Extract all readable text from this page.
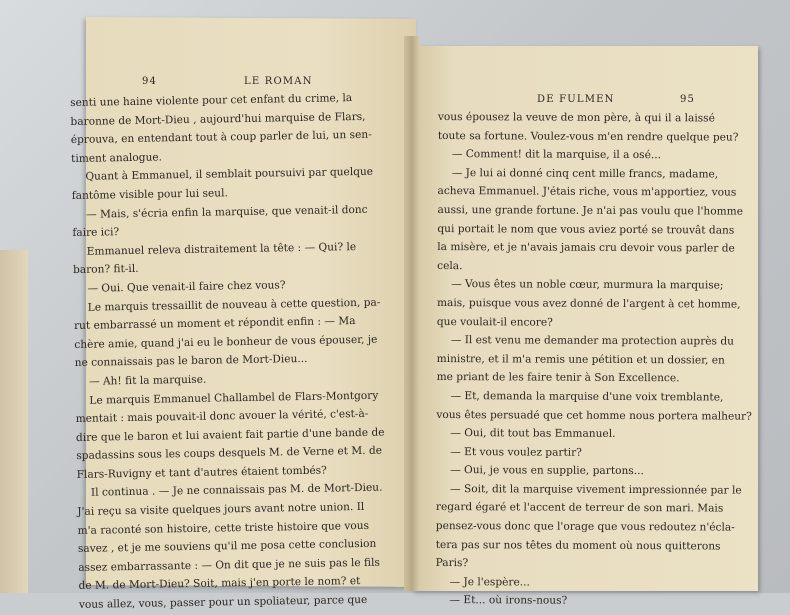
94	LE ROMAN
DE FULMEN	95
senti une haine violente pour cet enfant du crime, la
baronne de Mort-Dieu , aujourd'hui marquise de Flars,
éprouva, en entendant tout à coup parler de lui, un sen-
timent analogue.
Quant à Emmanuel, il semblait poursuivi par quelque
fantôme visible pour lui seul.
— Mais, s'écria enfin la marquise, que venait-il donc
faire ici?
Emmanuel releva distraitement la tête : — Qui? le
baron? fit-il.
— Oui. Que venait-il faire chez vous?
Le marquis tressaillit de nouveau à cette question, pa-
rut embarrassé un moment et répondit enfin : — Ma
chère amie, quand j'ai eu le bonheur de vous épouser, je
ne connaissais pas le baron de Mort-Dieu...
— Ah! fit la marquise.
Le marquis Emmanuel Challambel de Flars-Montgory
mentait : mais pouvait-il donc avouer la vérité, c'est-à-
dire que le baron et lui avaient fait partie d'une bande de
spadassins sous les coups desquels M. de Verne et M. de
Flars-Ruvigny et tant d'autres étaient tombés?
Il continua . — Je ne connaissais pas M. de Mort-Dieu.
J'ai reçu sa visite quelques jours avant notre union. Il
m'a raconté son histoire, cette triste histoire que vous
savez , et je me souviens qu'il me posa cette conclusion
assez embarrassante : — On dit que je ne suis pas le fils
de M. de Mort-Dieu? Soit, mais j'en porte le nom? et
vous allez, vous, passer pour un spoliateur, parce que
vous épousez la veuve de mon père, à qui il a laissé
toute sa fortune. Voulez-vous m'en rendre quelque peu?
— Comment! dit la marquise, il a osé...
— Je lui ai donné cinq cent mille francs, madame,
acheva Emmanuel. J'étais riche, vous m'apportiez, vous
aussi, une grande fortune. Je n'ai pas voulu que l'homme
qui portait le nom que vous aviez porté se trouvât dans
la misère, et je n'avais jamais cru devoir vous parler de
cela.
— Vous êtes un noble cœur, murmura la marquise;
mais, puisque vous avez donné de l'argent à cet homme,
que voulait-il encore?
— Il est venu me demander ma protection auprès du
ministre, et il m'a remis une pétition et un dossier, en
me priant de les faire tenir à Son Excellence.
— Et, demanda la marquise d'une voix tremblante,
vous êtes persuadé que cet homme nous portera malheur?
— Oui, dit tout bas Emmanuel.
— Et vous voulez partir?
— Oui, je vous en supplie, partons...
— Soit, dit la marquise vivement impressionnée par le
regard égaré et l'accent de terreur de son mari. Mais
pensez-vous donc que l'orage que vous redoutez n'écla-
tera pas sur nos têtes du moment où nous quitterons
Paris?
— Je l'espère...
— Et... où irons-nous?
